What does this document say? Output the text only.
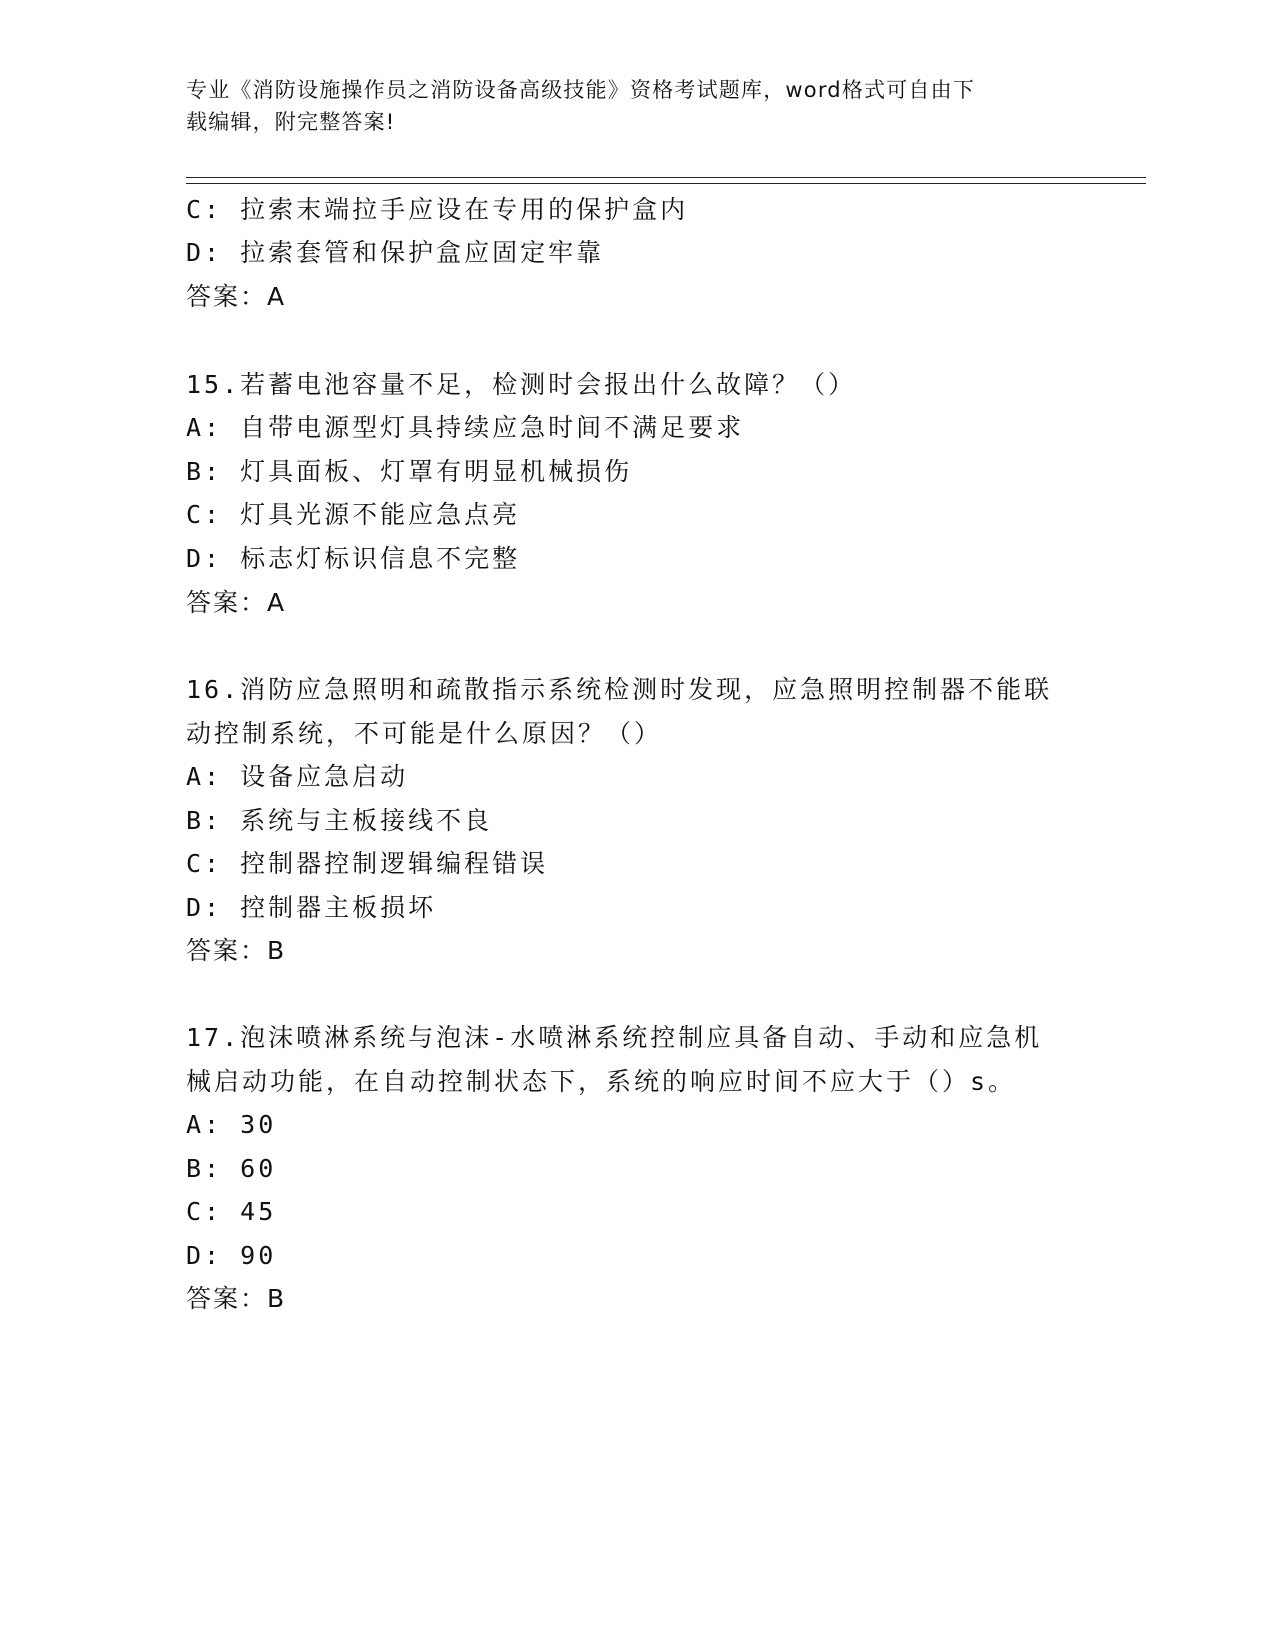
专业《消防设施操作员之消防设备高级技能》资格考试题库，word格式可自由下
载编辑，附完整答案!
C: 拉索末端拉手应设在专用的保护盒内
D: 拉索套管和保护盒应固定牢靠
答案：A
15.若蓄电池容量不足，检测时会报出什么故障？（）
A: 自带电源型灯具持续应急时间不满足要求
B: 灯具面板、灯罩有明显机械损伤
C: 灯具光源不能应急点亮
D: 标志灯标识信息不完整
答案：A
16.消防应急照明和疏散指示系统检测时发现，应急照明控制器不能联
动控制系统，不可能是什么原因？（）
A: 设备应急启动
B: 系统与主板接线不良
C: 控制器控制逻辑编程错误
D: 控制器主板损坏
答案：B
17.泡沫喷淋系统与泡沫-水喷淋系统控制应具备自动、手动和应急机
械启动功能，在自动控制状态下，系统的响应时间不应大于（）s。
A: 30
B: 60
C: 45
D: 90
答案：B
